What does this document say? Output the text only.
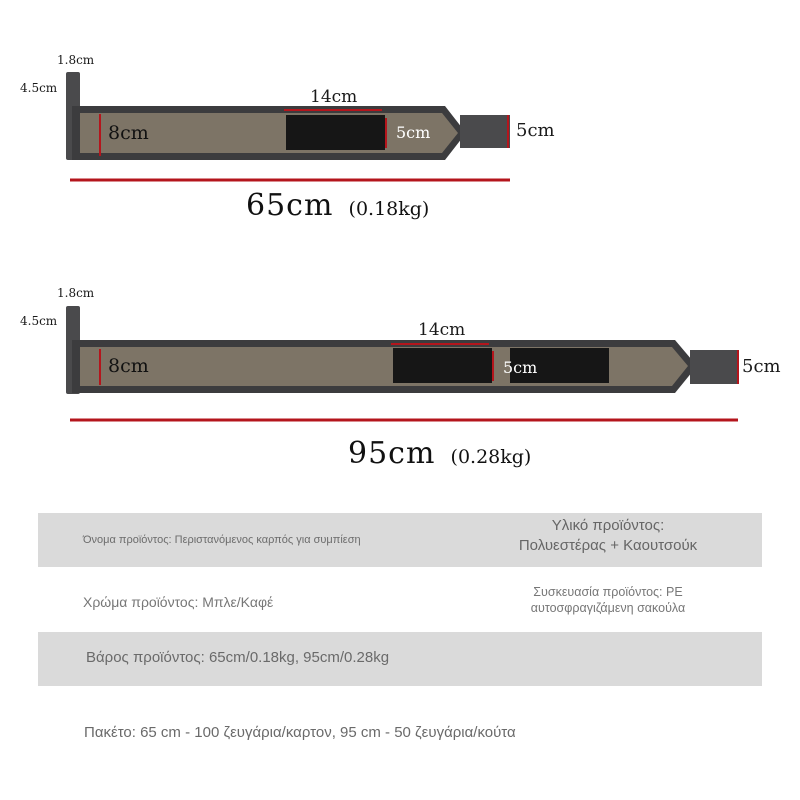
1.8cm
4.5cm
8cm
14cm
5cm	5cm
65cm (0.18kg)
1.8cm
4.5cm
8cm
14cm
5cm	5cm
95cm (0.28kg)
Όνομα προϊόντος: Περιστανόμενος καρπός για συμπίεση
Υλικό προϊόντος:
Πολυεστέρας + Καουτσούκ
Χρώμα προϊόντος: Μπλε/Καφέ
Συσκευασία προϊόντος: PE
αυτοσφραγιζάμενη σακούλα
Βάρος προϊόντος: 65cm/0.18kg, 95cm/0.28kg
Πακέτο: 65 cm - 100 ζευγάρια/καρτον, 95 cm - 50 ζευγάρια/κούτα
